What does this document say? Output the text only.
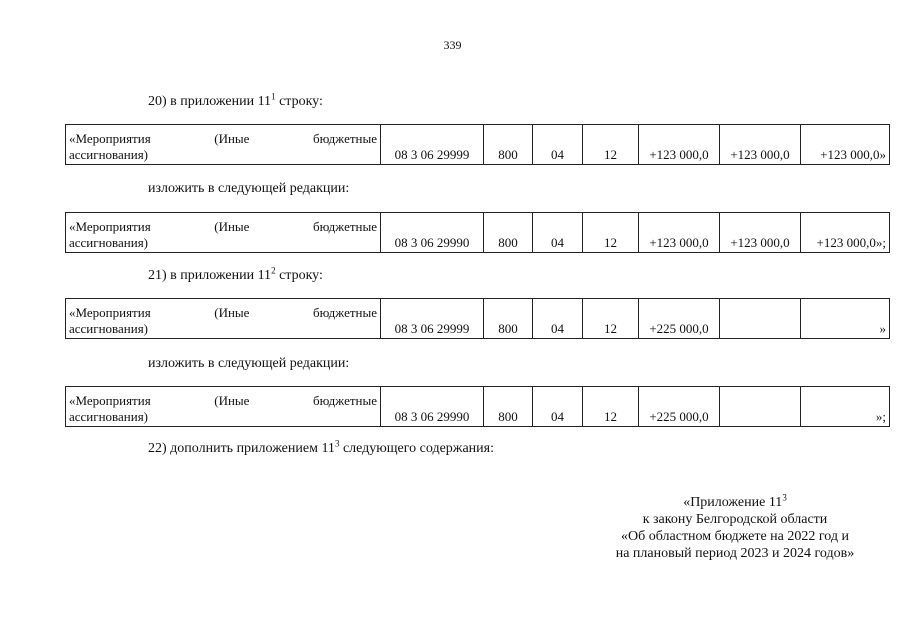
339
20) в приложении $11^1$ строку:
«Мероприятия	(Иные	бюджетные
ассигнования)	08 3 06 29999	800	04	12	+123 000,0	+123 000,0	+123 000,0»
изложить в следующей редакции:
«Мероприятия	(Иные	бюджетные
ассигнования)	08 3 06 29990	800	04	12	+123 000,0	+123 000,0	+123 000,0»;
21) в приложении $11^2$ строку:
«Мероприятия	(Иные	бюджетные
ассигнования)	08 3 06 29999	800	04	12	+225 000,0		»
изложить в следующей редакции:
«Мероприятия	(Иные	бюджетные
ассигнования)	08 3 06 29990	800	04	12	+225 000,0		»;
22) дополнить приложением $11^3$ следующего содержания:
«Приложение $11^3$
к закону Белгородской области
«Об областном бюджете на 2022 год и
на плановый период 2023 и 2024 годов»
